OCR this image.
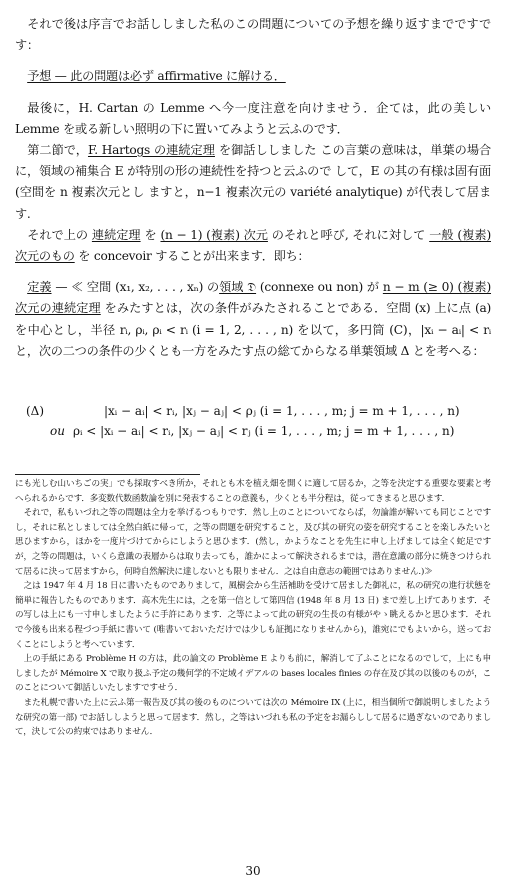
それで後は序言でお話ししました私のこの問題についての予想を繰り返すまでですです：

予想 — 此の問題は必ず affirmative に解ける．

最後に，H. Cartan の Lemme へ今一度注意を向けませう．企ては，此の美しい Lemme を或る新しい照明の下に置いてみようと云ふのです．

第二節で，F. Hartogs の連続定理 を御話ししました この言葉の意味は，単葉の場合に，領域の補集合 E が特別の形の連続性を持つと云ふので して，E の其の有様は固有面 (空間を n 複素次元とし ますと，n−1 複素次元の variété analytique) が代表して居ます.

それで上の 連続定理 を (n − 1) (複素) 次元 のそれと呼び, それに対して 一般 (複素) 次元のもの を concevoir することが出来ます．即ち：

定義 — ≪ 空間 (x₁, x₂, . . . , xₙ) の領域 𝔇 (connexe ou non) が n − m (≥ 0) (複素) 次元の連続定理 をみたすとは，次の条件がみたされることである．空間 (x) 上に点 (a) を中心とし，半径 rᵢ, ρᵢ, ρᵢ < rᵢ (i = 1, 2, . . . , n) を以て，多円筒 (C)，|xᵢ − aᵢ| < rᵢ と，次の二つの条件の少くとも一方をみたす点の総てからなる単葉領域 Δ とを考へる：

(Δ)	|xᵢ − aᵢ| < rᵢ, |xⱼ − aⱼ| < ρⱼ (i = 1, . . . , m; j = m + 1, . . . , n)
ou ρᵢ < |xᵢ − aᵢ| < rᵢ, |xⱼ − aⱼ| < rⱼ (i = 1, . . . , m; j = m + 1, . . . , n)

にも光しむ山いちごの実」でも採取すべき所か，それとも木を植え畑を開くに適して居るか，之等を決定する重要な要素と考へられるからです．多変数代数函数論を別に発表することの意義も，少くとも半分程は，従ってきまると思ひます．

それで，私もいづれ之等の問題は全力を挙げるつもりです．然し上のことについてならば，勿論誰が解いても同じことですし，それに私としましては全然白紙に帰って，之等の問題を研究すること，及び其の研究の姿を研究することを楽しみたいと思ひますから，ほかを一度片づけてからにしようと思ひます．(然し，かようなことを先生に申し上げましては全く蛇足ですが，之等の問題は，いくら意識の表層からは取り去っても，誰かによって解決されるまでは，潜在意識の部分に焼きつけられて居るに決って居ますから，何時自然解決に達しないとも限りません．之は自由意志の範囲ではありません.)≫

之は 1947 年 4 月 18 日に書いたものでありまして，風樹会から生活補助を受けて居ました御礼に，私の研究の進行状態を簡単に報告したものであります．高木先生には，之を第一信として第四信 (1948 年 8 月 13 日) まで差し上げてあります．その写しは上にも一寸申しましたように手許にあります．之等によって此の研究の生長の有様がやゝ眺えるかと思ひます．それで今後も出来る程づつ手紙に書いて (唯書いておいただけでは少しも証拠になりませんから)，誰宛にでもよいから，送っておくことにしようと考へています．

上の手紙にある Problème H の方は，此の論文の Problème E よりも前に，解消して了ふことになるのでして，上にも申しましたが Mémoire X で取り扱ふ予定の幾何学的不定域イデアルの bases locales finies の存在及び其の以後のものが，このことについて御話しいたしますですせう．

また札幌で書いた上に云ふ第一報告及び其の後のものについては次の Mémoire IX (上に，相当個所で御説明しましたような研究の第一部) でお話ししようと思って居ます．然し，之等はいづれも私の予定をお漏らしして居るに過ぎないのでありまして，決して公の約束ではありません．

30
